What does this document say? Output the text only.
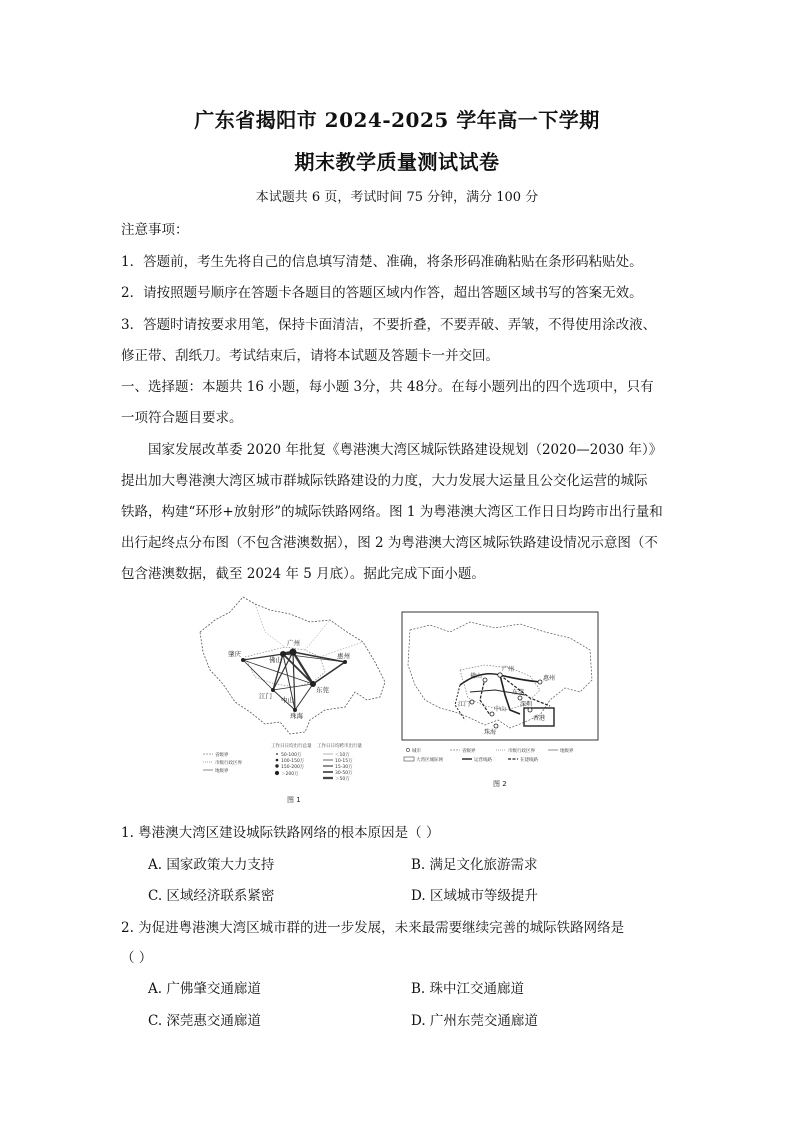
广东省揭阳市 2024-2025 学年高一下学期
期末教学质量测试试卷
本试题共 6 页，考试时间 75 分钟，满分 100 分
注意事项：
1．答题前，考生先将自己的信息填写清楚、准确，将条形码准确粘贴在条形码粘贴处。
2．请按照题号顺序在答题卡各题目的答题区域内作答，超出答题区域书写的答案无效。
3．答题时请按要求用笔，保持卡面清洁，不要折叠，不要弄破、弄皱，不得使用涂改液、
修正带、刮纸刀。考试结束后，请将本试题及答题卡一并交回。
一、选择题：本题共 16 小题，每小题 3分，共 48分。在每小题列出的四个选项中，只有
一项符合题目要求。
国家发展改革委 2020 年批复《粤港澳大湾区城际铁路建设规划（2020—2030 年）》
提出加大粤港澳大湾区城市群城际铁路建设的力度，大力发展大运量且公交化运营的城际
铁路，构建“环形+放射形”的城际铁路网络。图 1 为粤港澳大湾区工作日日均跨市出行量和
出行起终点分布图（不包含港澳数据），图 2 为粤港澳大湾区城际铁路建设情况示意图（不
包含港澳数据，截至 2024 年 5 月底）。据此完成下面小题。
肇庆
佛山
广州
惠州
江门
东莞
中山
珠海
工作日日均出行总量 工作日日均跨市出行量
省级界
市级行政区界
地级界
50-100万
100-150万
150-200万
＞200万
＜10万
10-15万
15-30万
30-50万
＞50万
图 1
广州
佛山	惠州
江门
东莞
深圳
中山
珠海
香港
城市	省级界	市级行政区界	地级界
大湾区城际网	运营线路	在建线路
图 2
1. 粤港澳大湾区建设城际铁路网络的根本原因是（ ）
A. 国家政策大力支持	B. 满足文化旅游需求
C. 区域经济联系紧密	D. 区域城市等级提升
2. 为促进粤港澳大湾区城市群的进一步发展，未来最需要继续完善的城际铁路网络是
（ ）
A. 广佛肇交通廊道	B. 珠中江交通廊道
C. 深莞惠交通廊道	D. 广州东莞交通廊道
